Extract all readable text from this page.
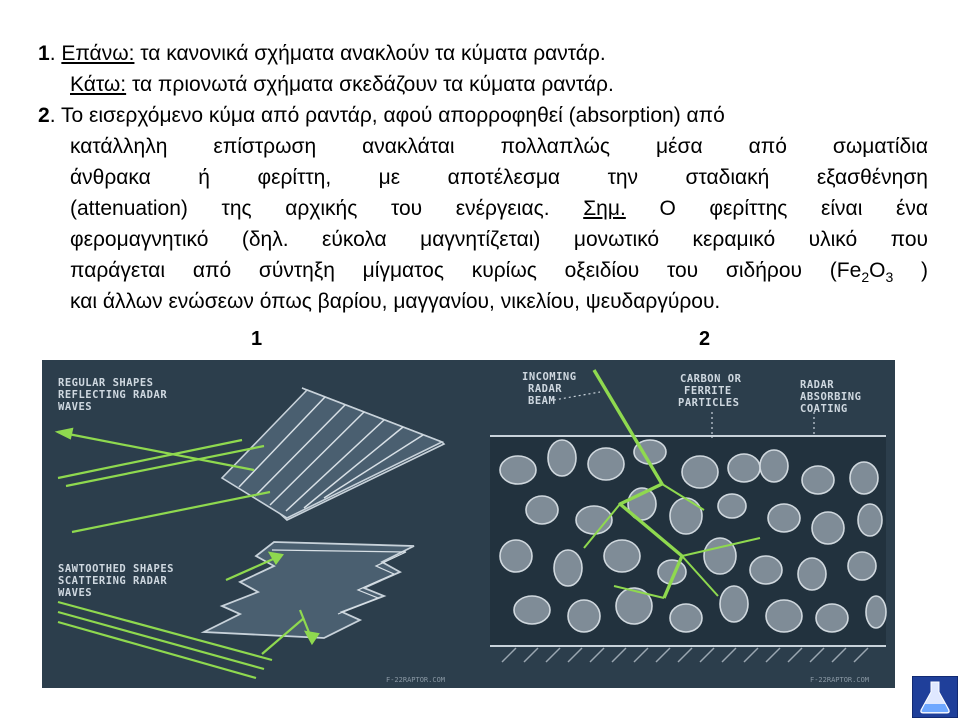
1. Επάνω: τα κανονικά σχήματα ανακλούν τα κύματα ραντάρ.
Κάτω: τα πριονωτά σχήματα σκεδάζουν τα κύματα ραντάρ.
2. Το εισερχόμενο κύμα από ραντάρ, αφού απορροφηθεί (absorption) από
κατάλληλη επίστρωση ανακλάται πολλαπλώς μέσα από σωματίδια
άνθρακα ή φερίττη, με αποτέλεσμα την σταδιακή εξασθένηση
(attenuation) της αρχικής του ενέργειας. Σημ. Ο φερίττης είναι ένα
φερομαγνητικό (δηλ. εύκολα μαγνητίζεται) μονωτικό κεραμικό υλικό που
παράγεται από σύντηξη μίγματος κυρίως οξειδίου του σιδήρου ($Fe_2O_3$ )
και άλλων ενώσεων όπως βαρίου, μαγγανίου, νικελίου, ψευδαργύρου.
1	2
REGULAR SHAPES
REFLECTING RADAR
WAVES
SAWTOOTHED SHAPES
SCATTERING RADAR
WAVES
F-22RAPTOR.COM
INCOMING
RADAR
BEAM
CARBON OR
FERRITE
PARTICLES
RADAR
ABSORBING
COATING
F-22RAPTOR.COM
